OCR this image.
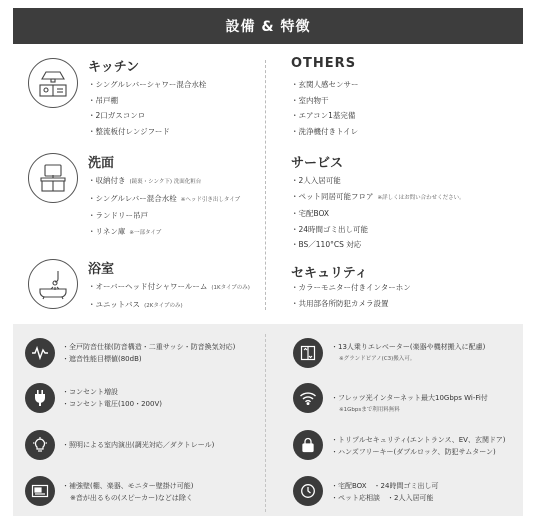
設備 & 特徴
キッチン
・シングルレバーシャワー混合水栓
・吊戸棚
・2口ガスコンロ
・整流板付レンジフード
洗面
・収納付き (鏡裏・シンク下) 洗面化粧台
・シングルレバー混合水栓 ※ヘッド引き出しタイプ
・ランドリー吊戸
・リネン庫 ※一部タイプ
浴室
・オーバーヘッド付シャワールーム (1Kタイプのみ)
・ユニットバス (2Kタイプのみ)
OTHERS
・玄関人感センサー
・室内物干
・エアコン1基完備
・洗浄機付きトイレ
サービス
・2人入居可能
・ペット同居可能フロア ※詳しくはお問い合わせください。
・宅配BOX
・24時間ゴミ出し可能
・BS／110°CS 対応
セキュリティ
・カラーモニター付きインターホン
・共用部各所防犯カメラ設置
・全戸防音仕様(防音構造・二重サッシ・防音換気対応)
・遮音性能目標値(80dB)
・コンセント増設
・コンセント電圧(100・200V)
・照明による室内演出(調光対応／ダクトレール)
・補強壁(棚、楽器、モニター壁掛け可能)
※音が出るもの(スピーカー)などは除く
・13人乗りエレベーター(楽器や機材搬入に配慮)
※グランドピアノ(C3)搬入可。
・フレッツ光インターネット最大10Gbps Wi-Fi付
※1Gbpsまで利用料無料
・トリプルセキュリティ(エントランス、EV、玄関ドア)
・ハンズフリーキー(ダブルロック、防犯サムターン)
・宅配BOX　・24時間ゴミ出し可
・ペット応相談　・2人入居可能
